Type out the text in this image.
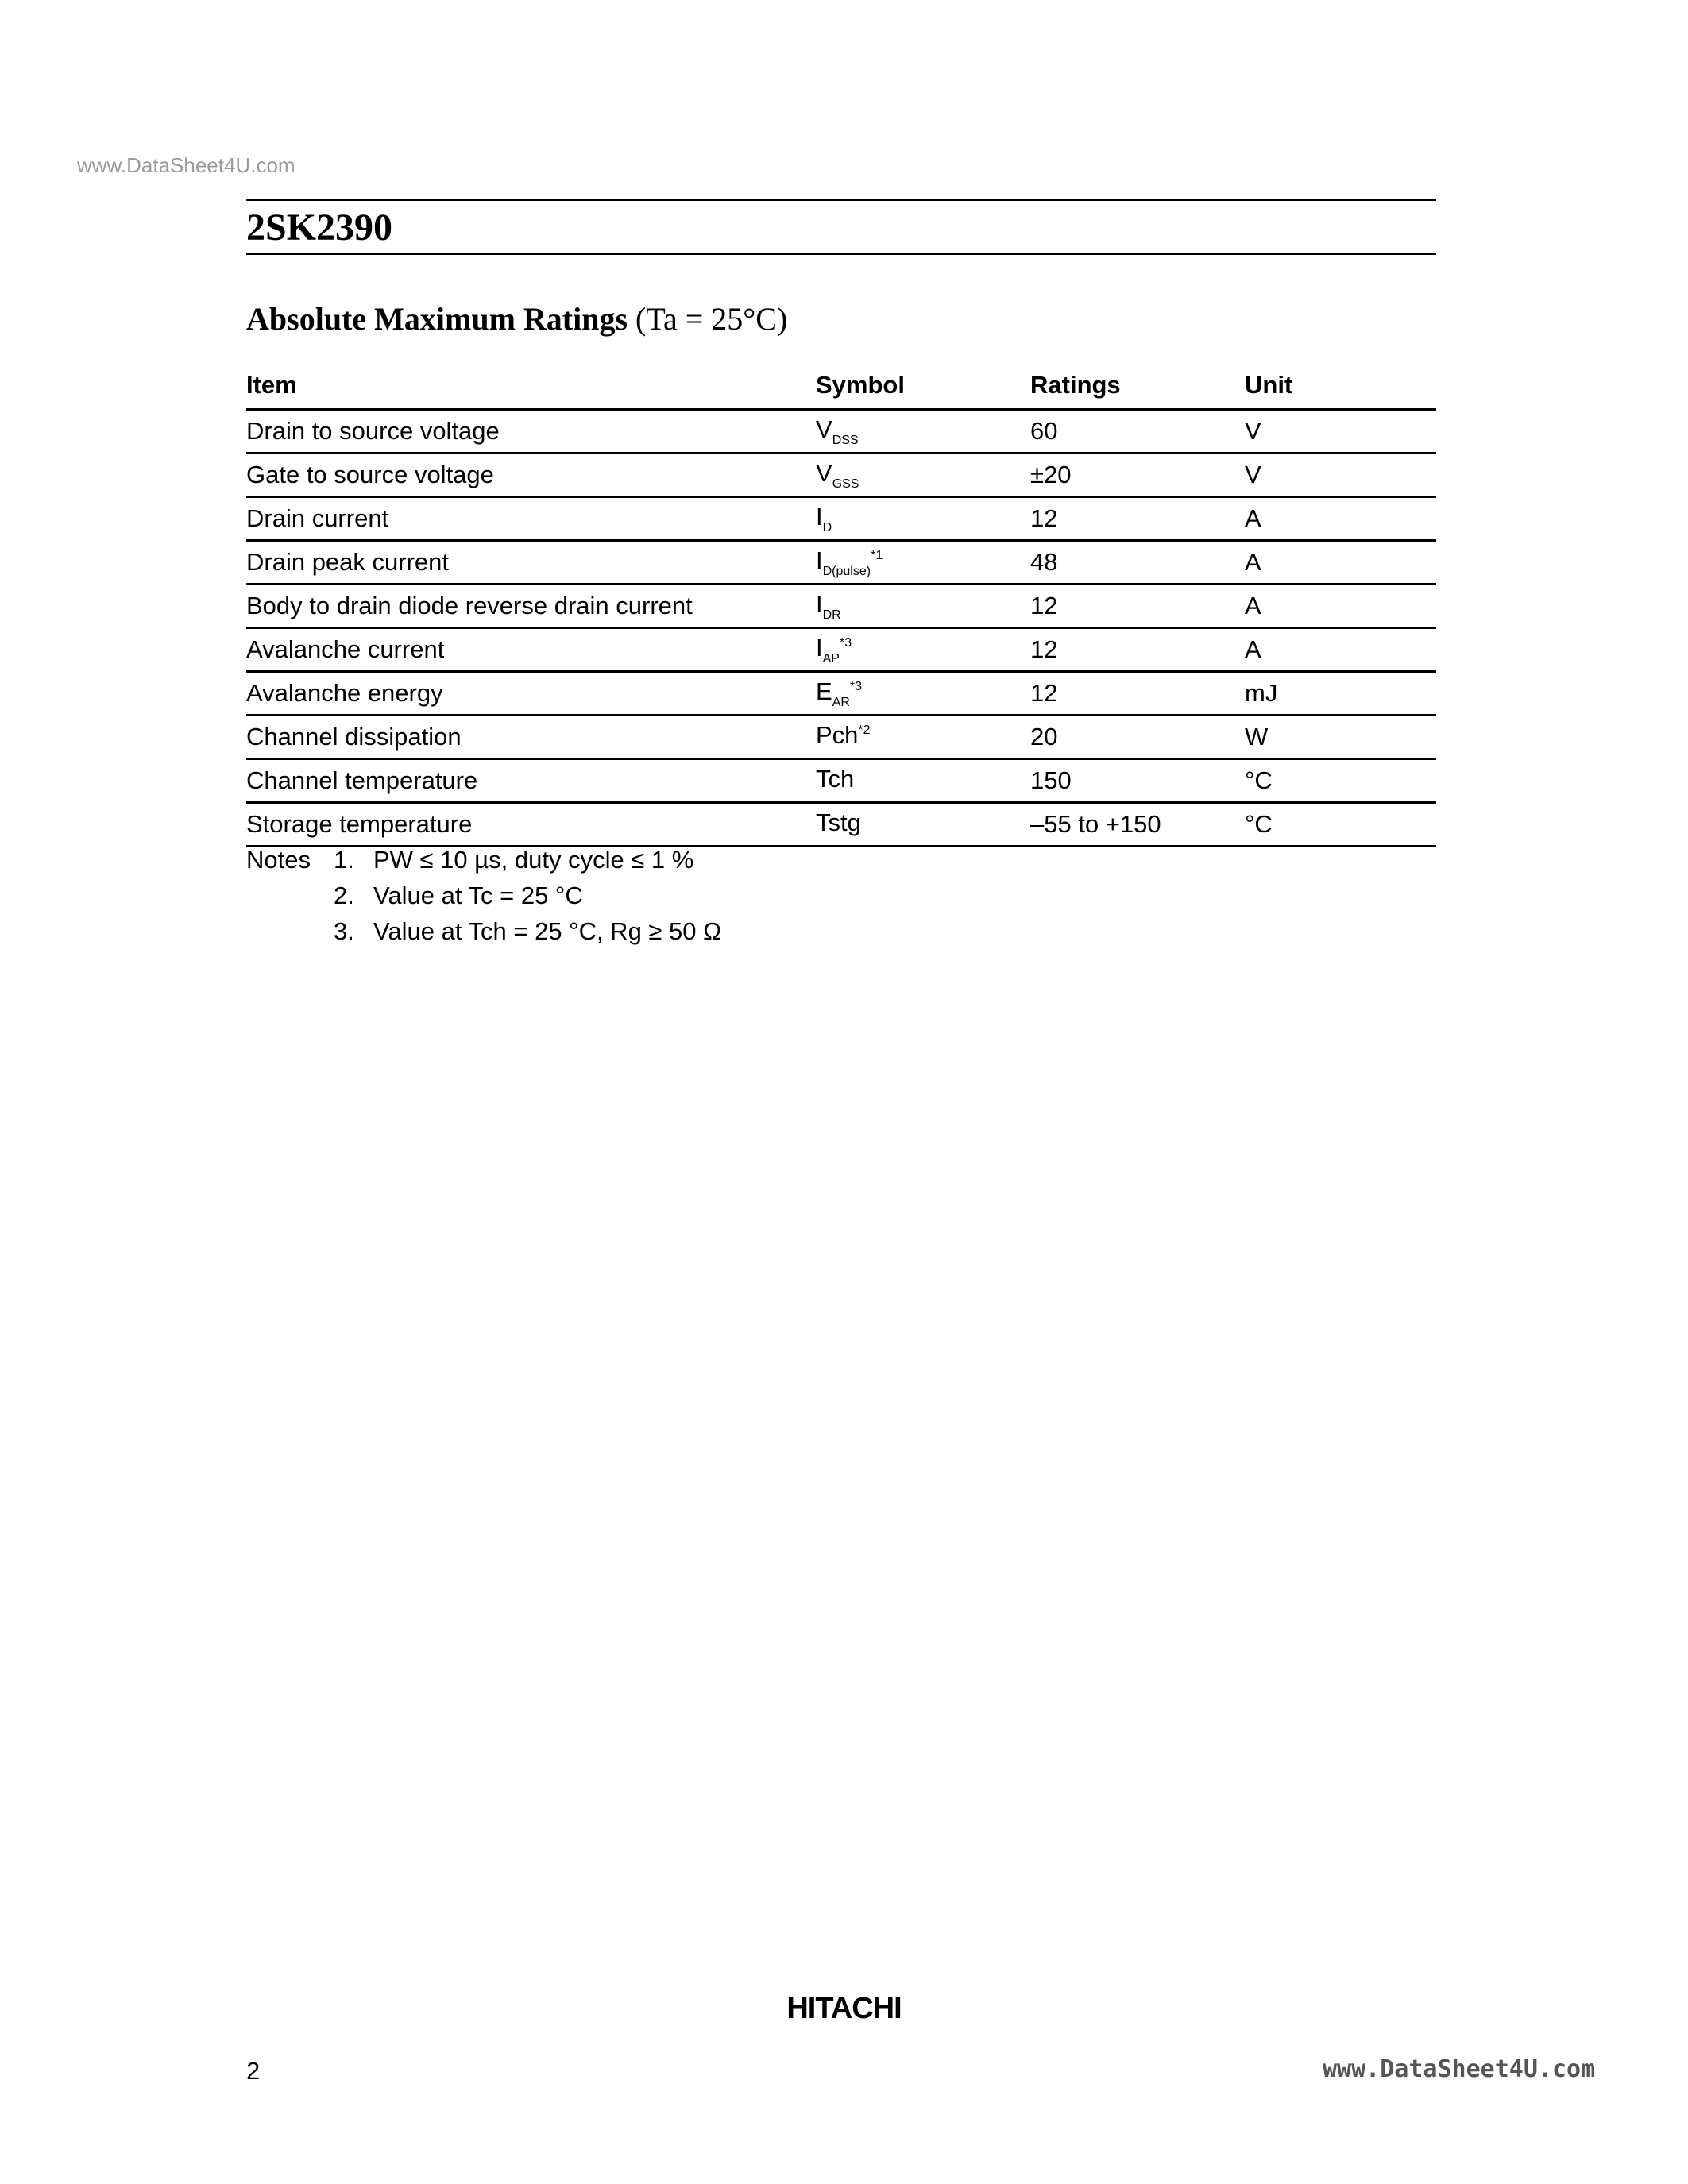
www.DataSheet4U.com
2SK2390
Absolute Maximum Ratings (Ta = 25°C)
Item	Symbol	Ratings	Unit
Drain to source voltage	$V_{DSS}$	60	V
Gate to source voltage	$V_{GSS}$	±20	V
Drain current	$I_D$	12	A
Drain peak current	$I_{D(pulse)}^{*1}$	48	A
Body to drain diode reverse drain current	$I_{DR}$	12	A
Avalanche current	$I_{AP}^{*3}$	12	A
Avalanche energy	$E_{AR}^{*3}$	12	mJ
Channel dissipation	Pch$^{*2}$	20	W
Channel temperature	Tch	150	°C
Storage temperature	Tstg	–55 to +150	°C
Notes 1. PW ≤ 10 µs, duty cycle ≤ 1 %
2. Value at Tc = 25 °C
3. Value at Tch = 25 °C, Rg ≥ 50 Ω
HITACHI
2	www.DataSheet4U.com
